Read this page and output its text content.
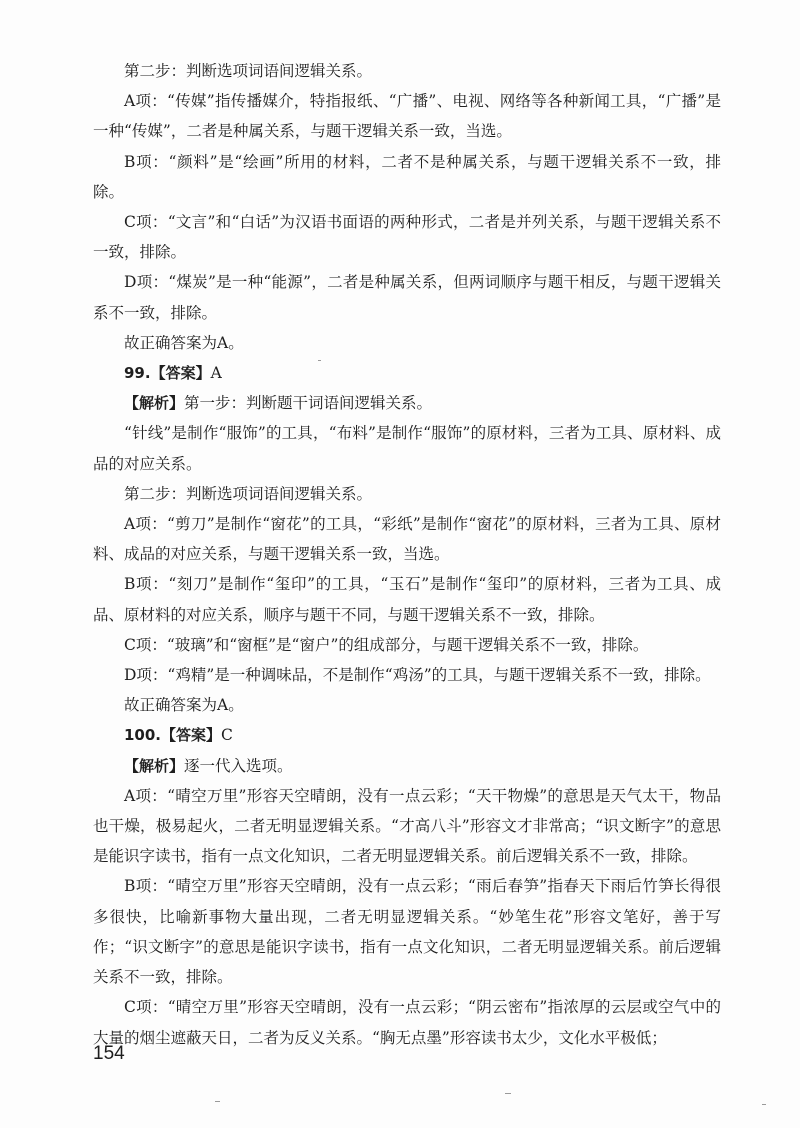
第二步：判断选项词语间逻辑关系。

A项：“传媒”指传播媒介，特指报纸、“广播”、电视、网络等各种新闻工具，“广播”是一种“传媒”，二者是种属关系，与题干逻辑关系一致，当选。

B项：“颜料”是“绘画”所用的材料，二者不是种属关系，与题干逻辑关系不一致，排除。

C项：“文言”和“白话”为汉语书面语的两种形式，二者是并列关系，与题干逻辑关系不一致，排除。

D项：“煤炭”是一种“能源”，二者是种属关系，但两词顺序与题干相反，与题干逻辑关系不一致，排除。

故正确答案为A。

99.【答案】A

【解析】第一步：判断题干词语间逻辑关系。

“针线”是制作“服饰”的工具，“布料”是制作“服饰”的原材料，三者为工具、原材料、成品的对应关系。

第二步：判断选项词语间逻辑关系。

A项：“剪刀”是制作“窗花”的工具，“彩纸”是制作“窗花”的原材料，三者为工具、原材料、成品的对应关系，与题干逻辑关系一致，当选。

B项：“刻刀”是制作“玺印”的工具，“玉石”是制作“玺印”的原材料，三者为工具、成品、原材料的对应关系，顺序与题干不同，与题干逻辑关系不一致，排除。

C项：“玻璃”和“窗框”是“窗户”的组成部分，与题干逻辑关系不一致，排除。

D项：“鸡精”是一种调味品，不是制作“鸡汤”的工具，与题干逻辑关系不一致，排除。

故正确答案为A。

100.【答案】C

【解析】逐一代入选项。

A项：“晴空万里”形容天空晴朗，没有一点云彩；“天干物燥”的意思是天气太干，物品也干燥，极易起火，二者无明显逻辑关系。“才高八斗”形容文才非常高；“识文断字”的意思是能识字读书，指有一点文化知识，二者无明显逻辑关系。前后逻辑关系不一致，排除。

B项：“晴空万里”形容天空晴朗，没有一点云彩；“雨后春笋”指春天下雨后竹笋长得很多很快，比喻新事物大量出现，二者无明显逻辑关系。“妙笔生花”形容文笔好，善于写作；“识文断字”的意思是能识字读书，指有一点文化知识，二者无明显逻辑关系。前后逻辑关系不一致，排除。

C项：“晴空万里”形容天空晴朗，没有一点云彩；“阴云密布”指浓厚的云层或空气中的大量的烟尘遮蔽天日，二者为反义关系。“胸无点墨”形容读书太少，文化水平极低；

154
